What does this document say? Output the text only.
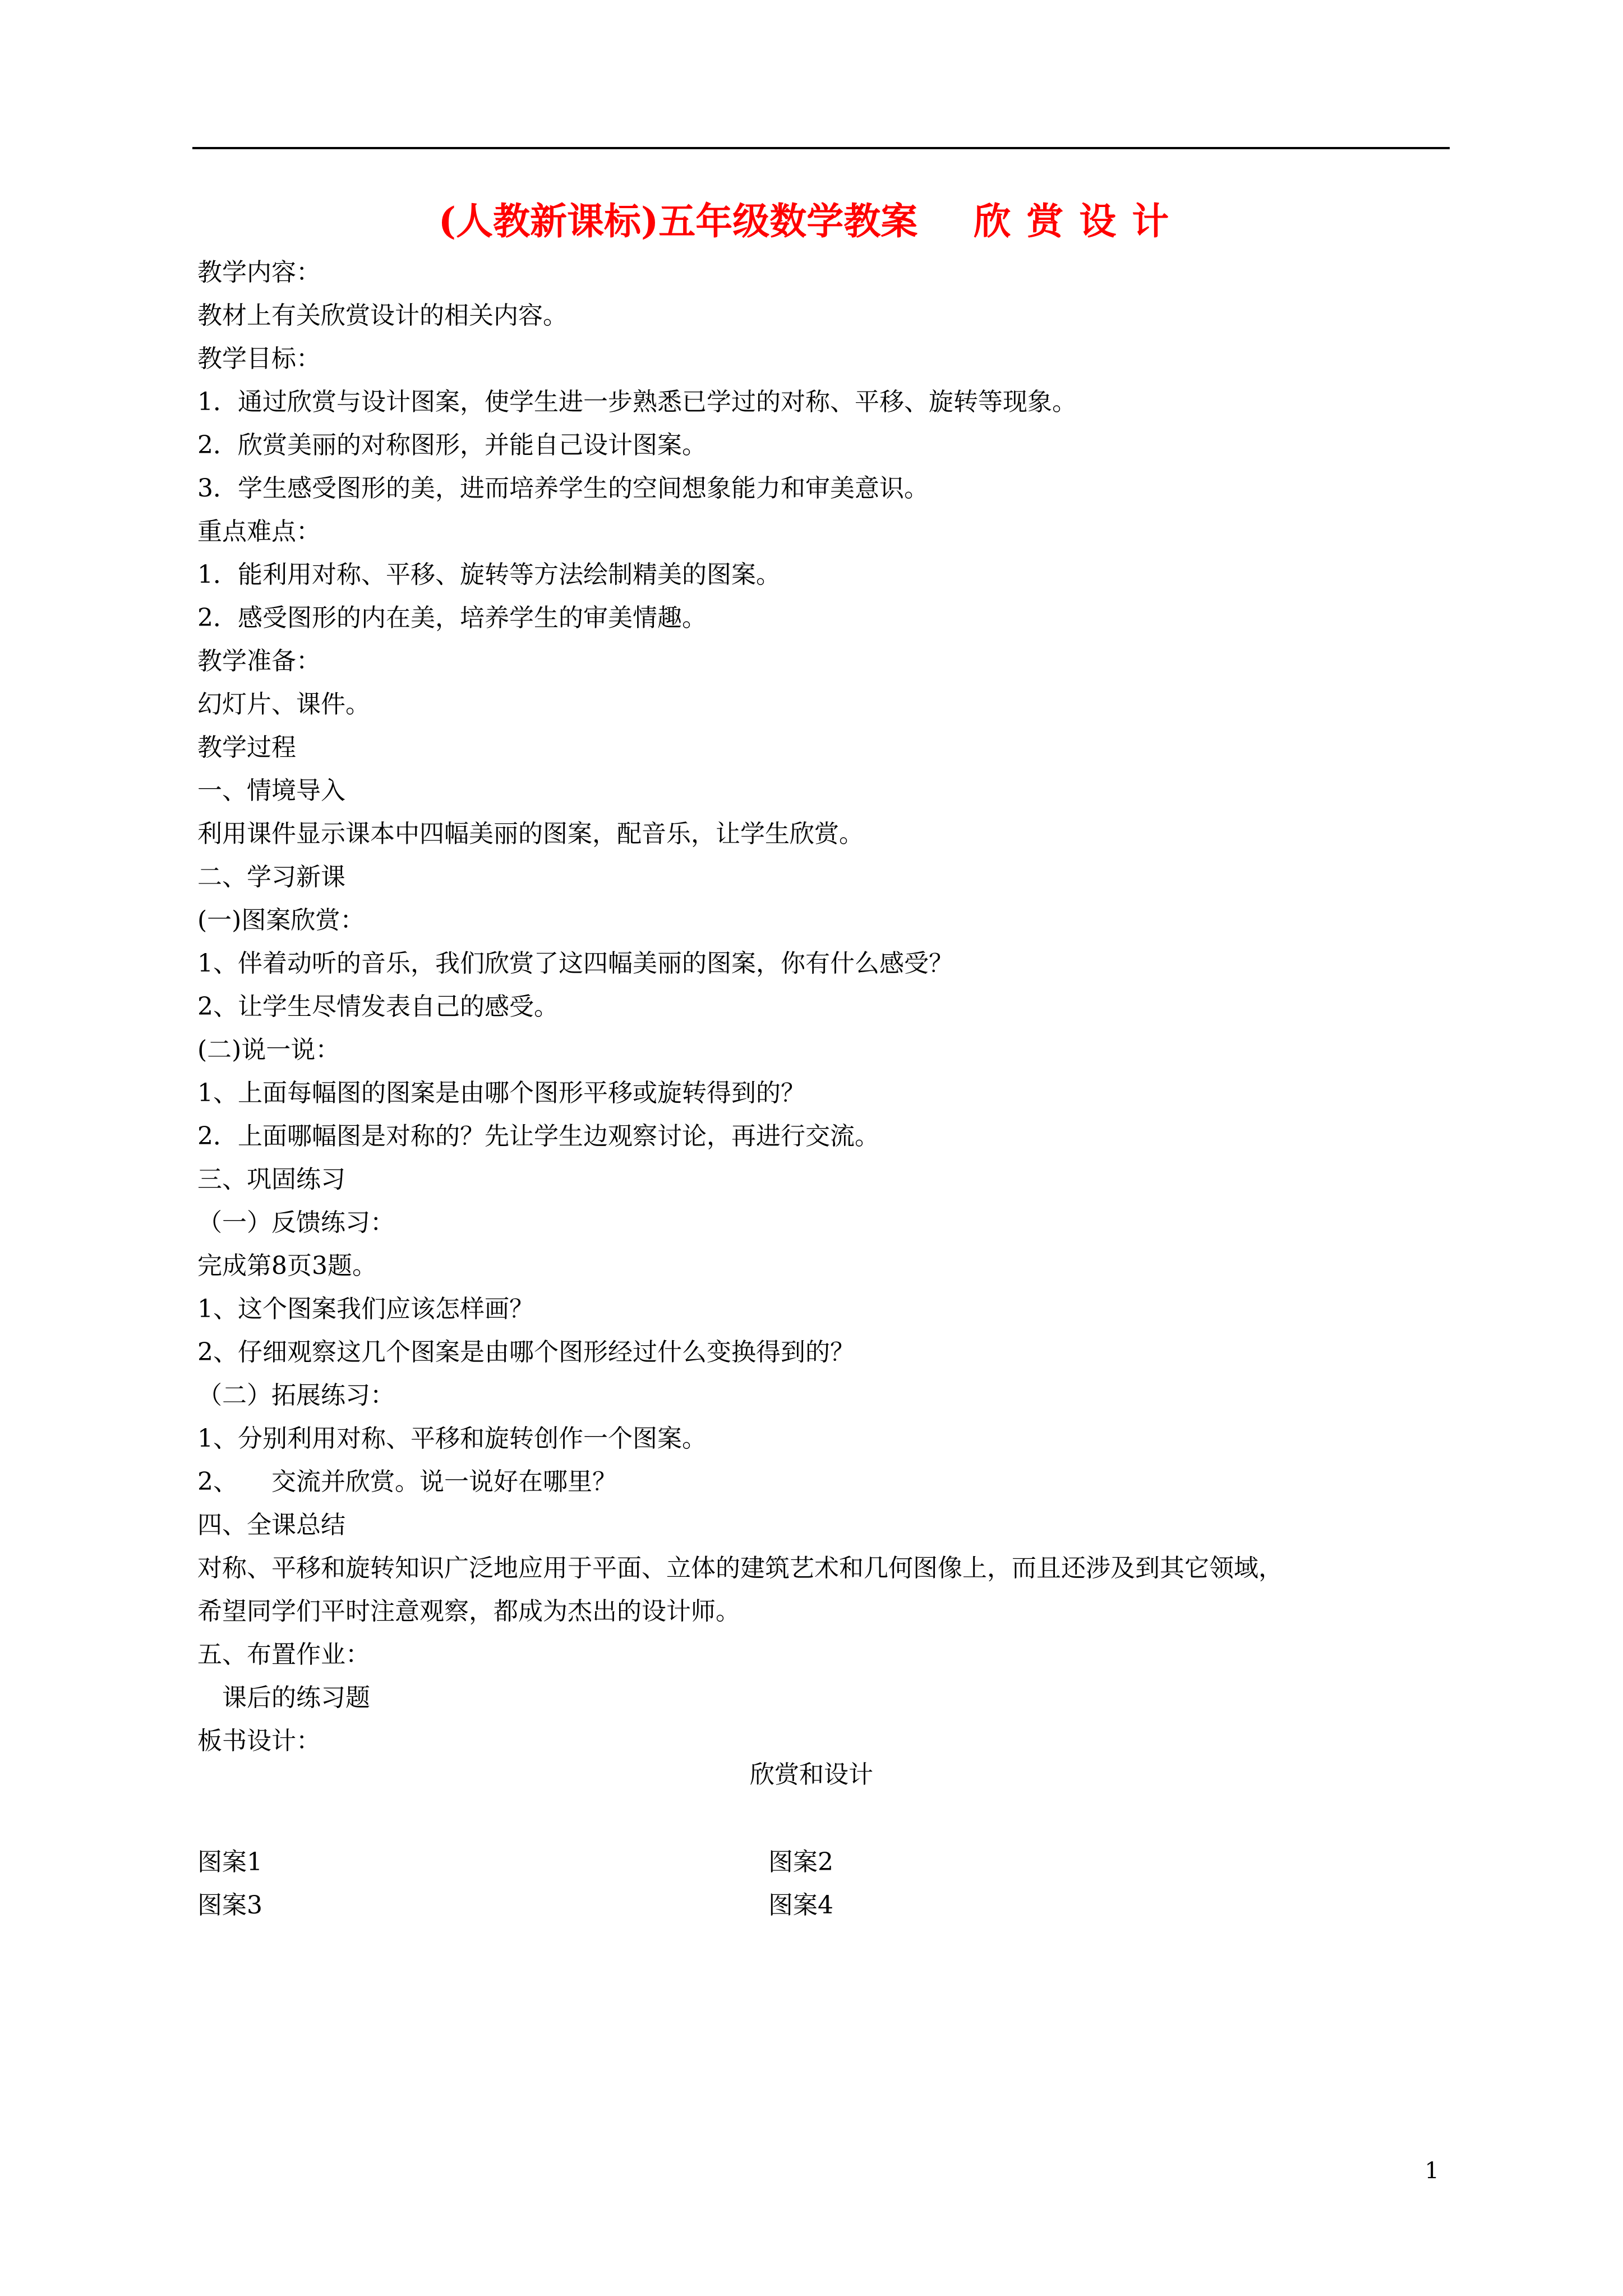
(人教新课标)五年级数学教案 欣赏设计
教学内容：
教材上有关欣赏设计的相关内容。
教学目标：
1．通过欣赏与设计图案，使学生进一步熟悉已学过的对称、平移、旋转等现象。
2．欣赏美丽的对称图形，并能自己设计图案。
3．学生感受图形的美，进而培养学生的空间想象能力和审美意识。
重点难点：
1．能利用对称、平移、旋转等方法绘制精美的图案。
2．感受图形的内在美，培养学生的审美情趣。
教学准备：
幻灯片、课件。
教学过程
一、情境导入
利用课件显示课本中四幅美丽的图案，配音乐，让学生欣赏。
二、学习新课
(一)图案欣赏：
1、伴着动听的音乐，我们欣赏了这四幅美丽的图案，你有什么感受？
2、让学生尽情发表自己的感受。
(二)说一说：
1、上面每幅图的图案是由哪个图形平移或旋转得到的？
2．上面哪幅图是对称的？先让学生边观察讨论，再进行交流。
三、巩固练习
（一）反馈练习：
完成第8页3题。
1、这个图案我们应该怎样画？
2、仔细观察这几个图案是由哪个图形经过什么变换得到的？
（二）拓展练习：
1、分别利用对称、平移和旋转创作一个图案。
2、 交流并欣赏。说一说好在哪里？
四、全课总结
对称、平移和旋转知识广泛地应用于平面、立体的建筑艺术和几何图像上，而且还涉及到其它领域，
希望同学们平时注意观察，都成为杰出的设计师。
五、布置作业：
课后的练习题
板书设计：
欣赏和设计
图案1	图案2
图案3	图案4
1
